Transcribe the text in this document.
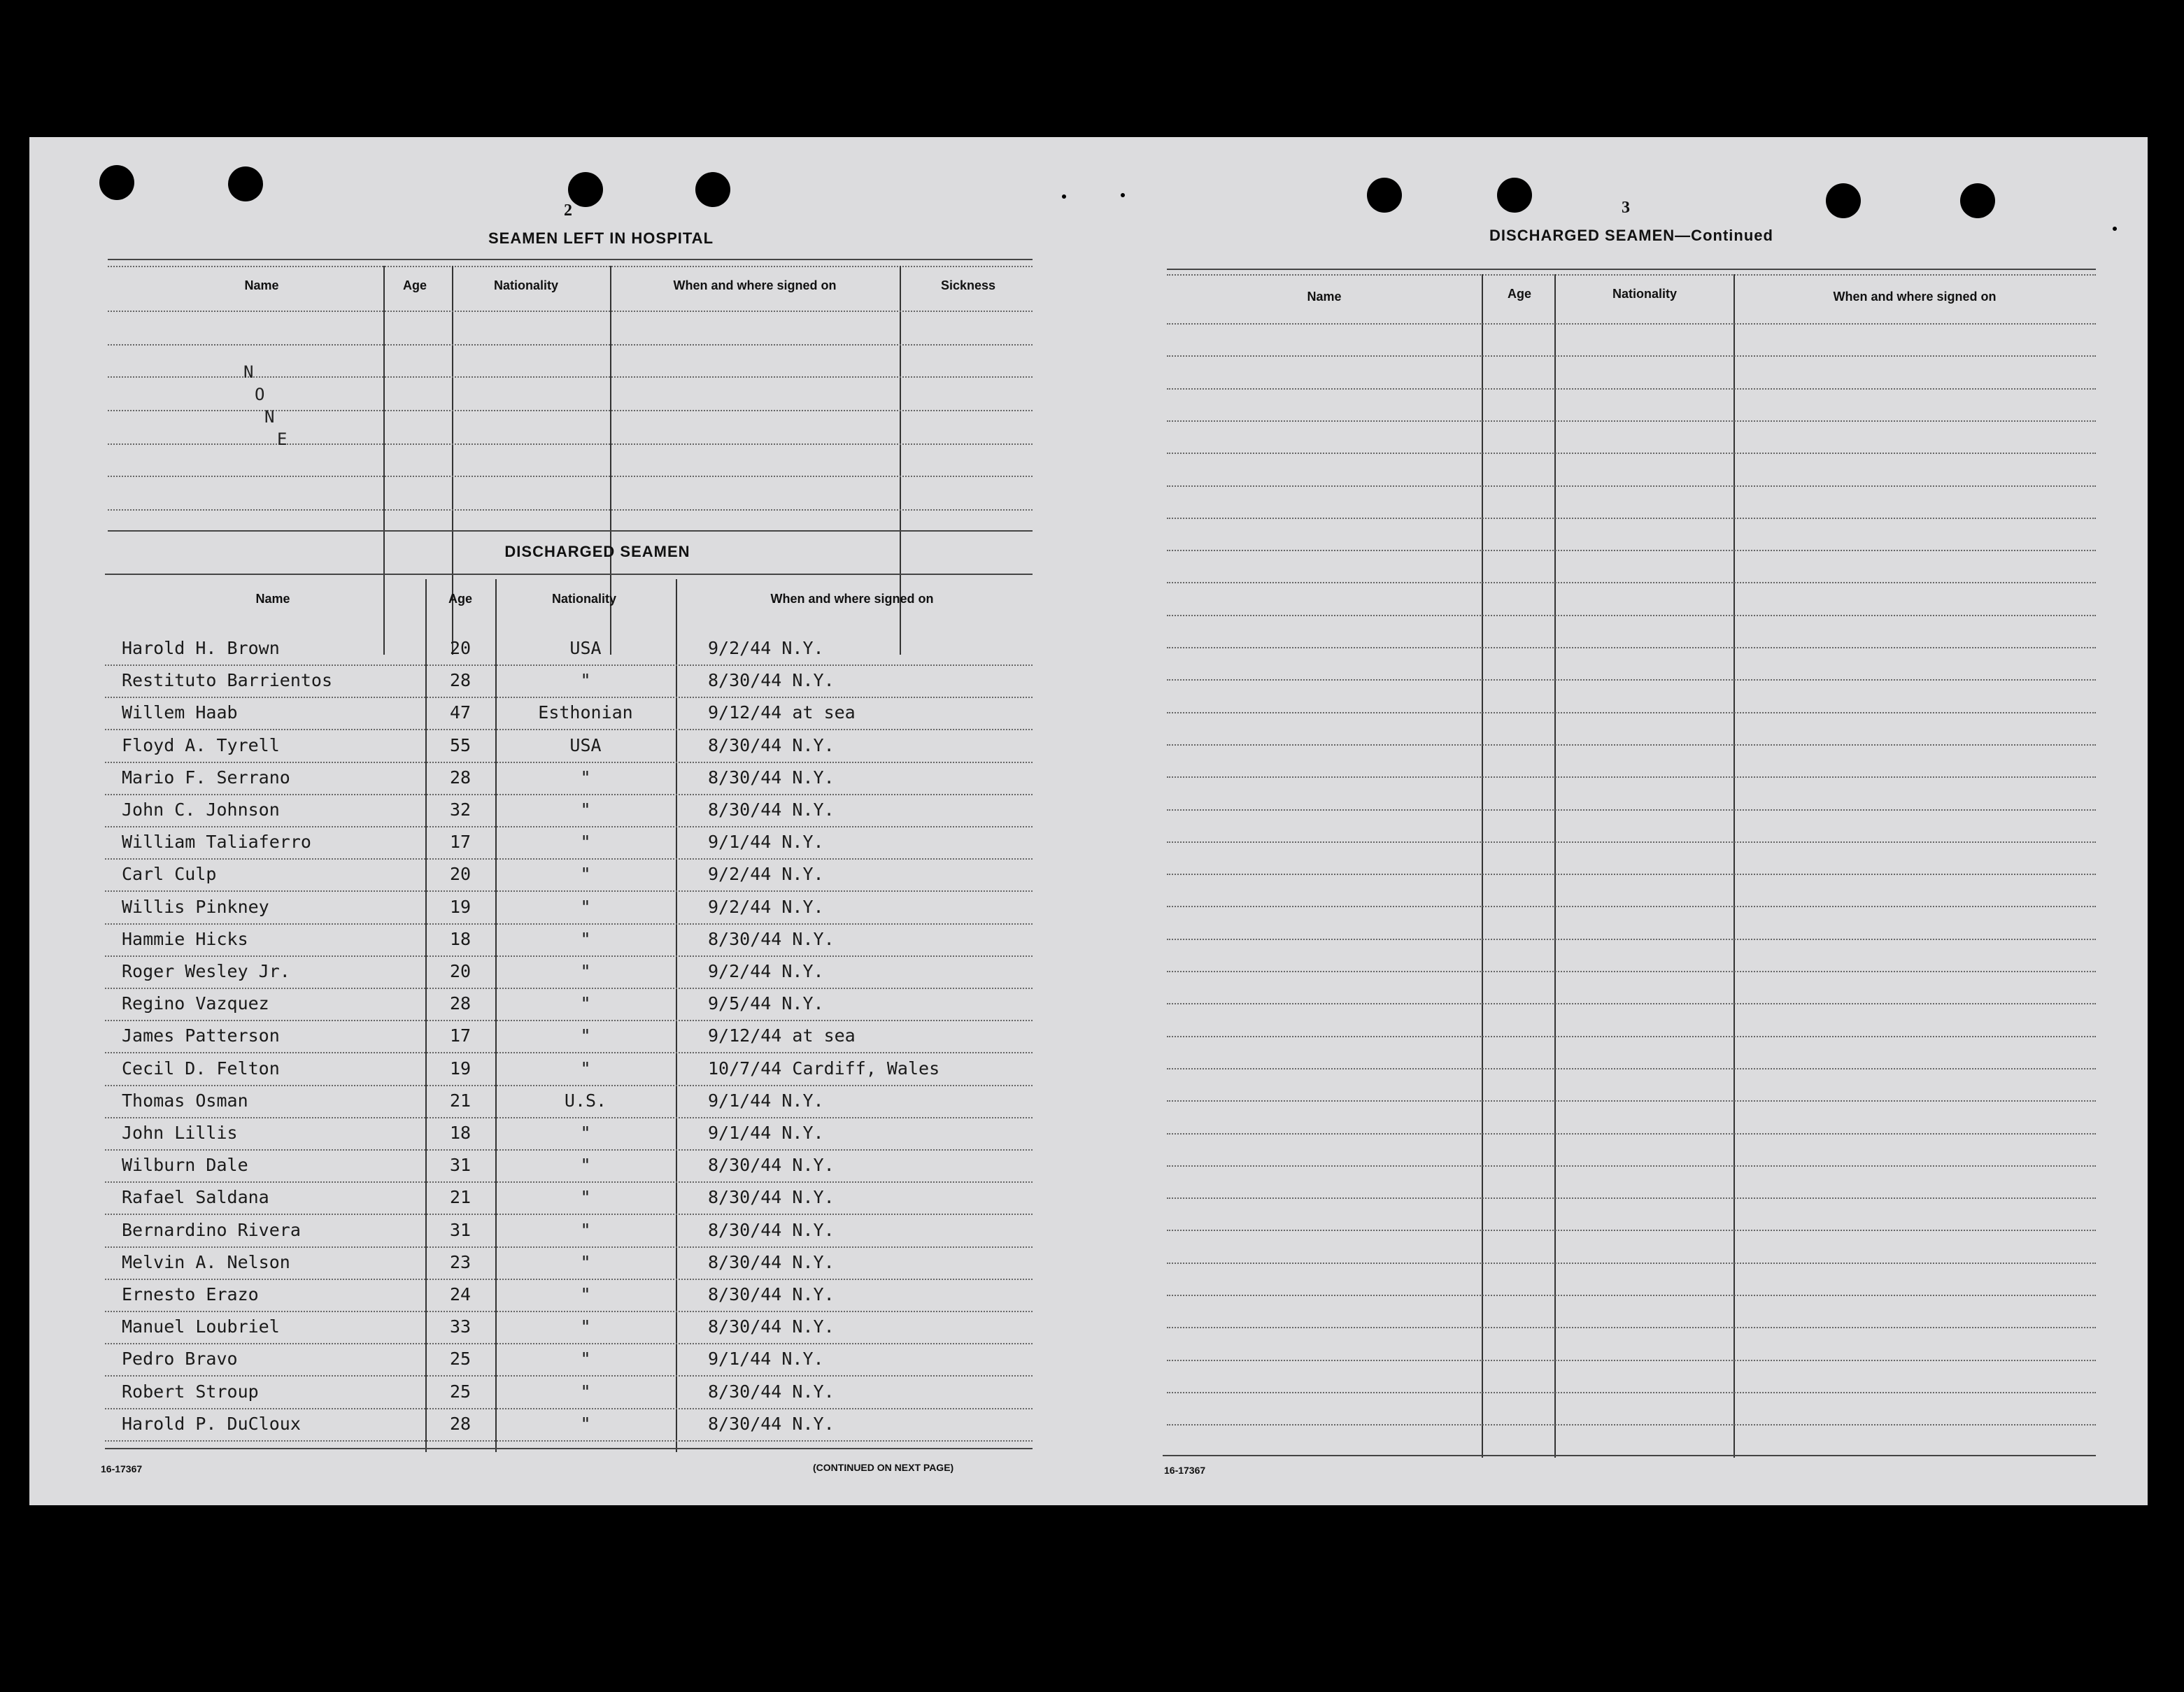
2
SEAMEN LEFT IN HOSPITAL
Name	Age	Nationality	When and where signed on	Sickness
N
O
N
E
DISCHARGED SEAMEN
Name	Age	Nationality	When and where signed on
Harold H. Brown	20	USA	9/2/44 N.Y.
Restituto Barrientos	28	"	8/30/44 N.Y.
Willem Haab	47	Esthonian	9/12/44 at sea
Floyd A. Tyrell	55	USA	8/30/44 N.Y.
Mario F. Serrano	28	"	8/30/44 N.Y.
John C. Johnson	32	"	8/30/44 N.Y.
William Taliaferro	17	"	9/1/44 N.Y.
Carl Culp	20	"	9/2/44 N.Y.
Willis Pinkney	19	"	9/2/44 N.Y.
Hammie Hicks	18	"	8/30/44 N.Y.
Roger Wesley Jr.	20	"	9/2/44 N.Y.
Regino Vazquez	28	"	9/5/44 N.Y.
James Patterson	17	"	9/12/44 at sea
Cecil D. Felton	19	"	10/7/44 Cardiff, Wales
Thomas Osman	21	U.S.	9/1/44 N.Y.
John Lillis	18	"	9/1/44 N.Y.
Wilburn Dale	31	"	8/30/44 N.Y.
Rafael Saldana	21	"	8/30/44 N.Y.
Bernardino Rivera	31	"	8/30/44 N.Y.
Melvin A. Nelson	23	"	8/30/44 N.Y.
Ernesto Erazo	24	"	8/30/44 N.Y.
Manuel Loubriel	33	"	8/30/44 N.Y.
Pedro Bravo	25	"	9/1/44 N.Y.
Robert Stroup	25	"	8/30/44 N.Y.
Harold P. DuCloux	28	"	8/30/44 N.Y.
16-17367	(CONTINUED ON NEXT PAGE)
3
DISCHARGED SEAMEN—Continued
Name	Age	Nationality	When and where signed on
16-17367
